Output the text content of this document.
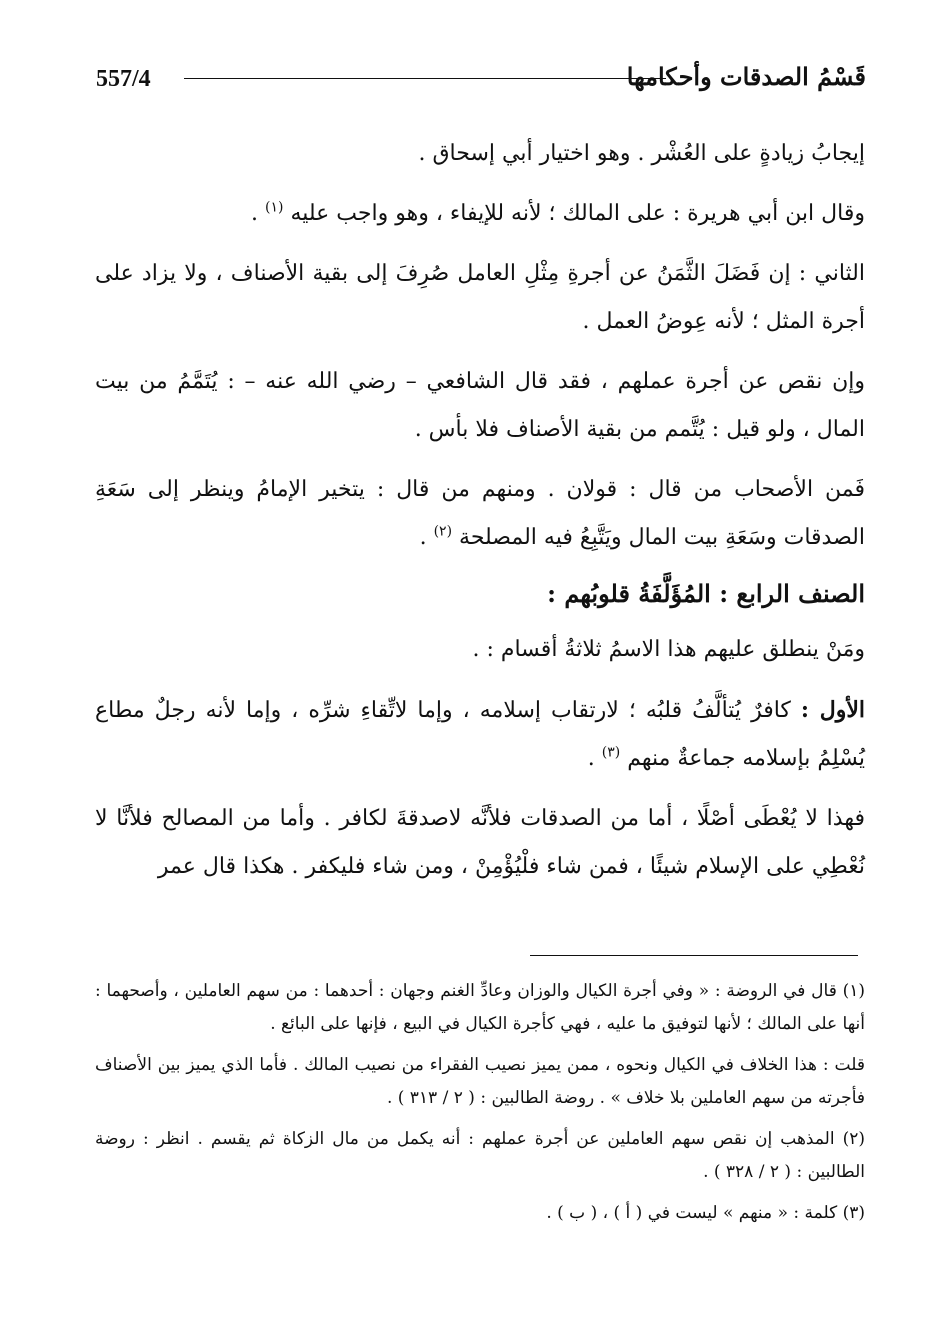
557/4	قَسْمُ الصدقات وأحكامها

إيجابُ زيادةٍ على العُشْر . وهو اختيار أبي إسحاق .

وقال ابن أبي هريرة : على المالك ؛ لأنه للإيفاء ، وهو واجب عليه $^{(١)}$ .

الثاني : إن فَضَلَ الثَّمَنُ عن أجرةِ مِثْلِ العامل صُرِفَ إلى بقية الأصناف ، ولا يزاد على أجرة المثل ؛ لأنه عِوضُ العمل .

وإن نقص عن أجرة عملهم ، فقد قال الشافعي – رضي الله عنه – : يُتَمَّمُ من بيت المال ، ولو قيل : يُتَّمم من بقية الأصناف فلا بأس .

فَمن الأصحاب من قال : قولان . ومنهم من قال : يتخير الإمامُ وينظر إلى سَعَةِ الصدقات وسَعَةِ بيت المال ويَتَّبِعُ فيه المصلحة $^{(٢)}$ .

الصنف الرابع : المُؤَلَّفَةُ قلوبُهم :

ومَنْ ينطلق عليهم هذا الاسمُ ثلاثةُ أقسام : .

الأول : كافرٌ يُتألَّفُ قلبُه ؛ لارتقاب إسلامه ، وإما لاتِّقاءِ شرِّه ، وإما لأنه رجلٌ مطاع يُسْلِمُ بإسلامه جماعةٌ منهم $^{(٣)}$ .

فهذا لا يُعْطَى أصْلًا ، أما من الصدقات فلأنَّه لاصدقةَ لكافر . وأما من المصالح فلأنَّا لا نُعْطِي على الإسلام شيئًا ، فمن شاء فلْيُؤْمِنْ ، ومن شاء فليكفر . هكذا قال عمر

(١) قال في الروضة : « وفي أجرة الكيال والوزان وعادِّ الغنم وجهان : أحدهما : من سهم العاملين ، وأصحهما : أنها على المالك ؛ لأنها لتوفيق ما عليه ، فهي كأجرة الكيال في البيع ، فإنها على البائع .

قلت : هذا الخلاف في الكيال ونحوه ، ممن يميز نصيب الفقراء من نصيب المالك . فأما الذي يميز بين الأصناف فأجرته من سهم العاملين بلا خلاف » . روضة الطالبين : ( ٢ / ٣١٣ ) .

(٢) المذهب إن نقص سهم العاملين عن أجرة عملهم : أنه يكمل من مال الزكاة ثم يقسم . انظر : روضة الطالبين : ( ٢ / ٣٢٨ ) .

(٣) كلمة : « منهم » ليست في ( أ ) ، ( ب ) .
